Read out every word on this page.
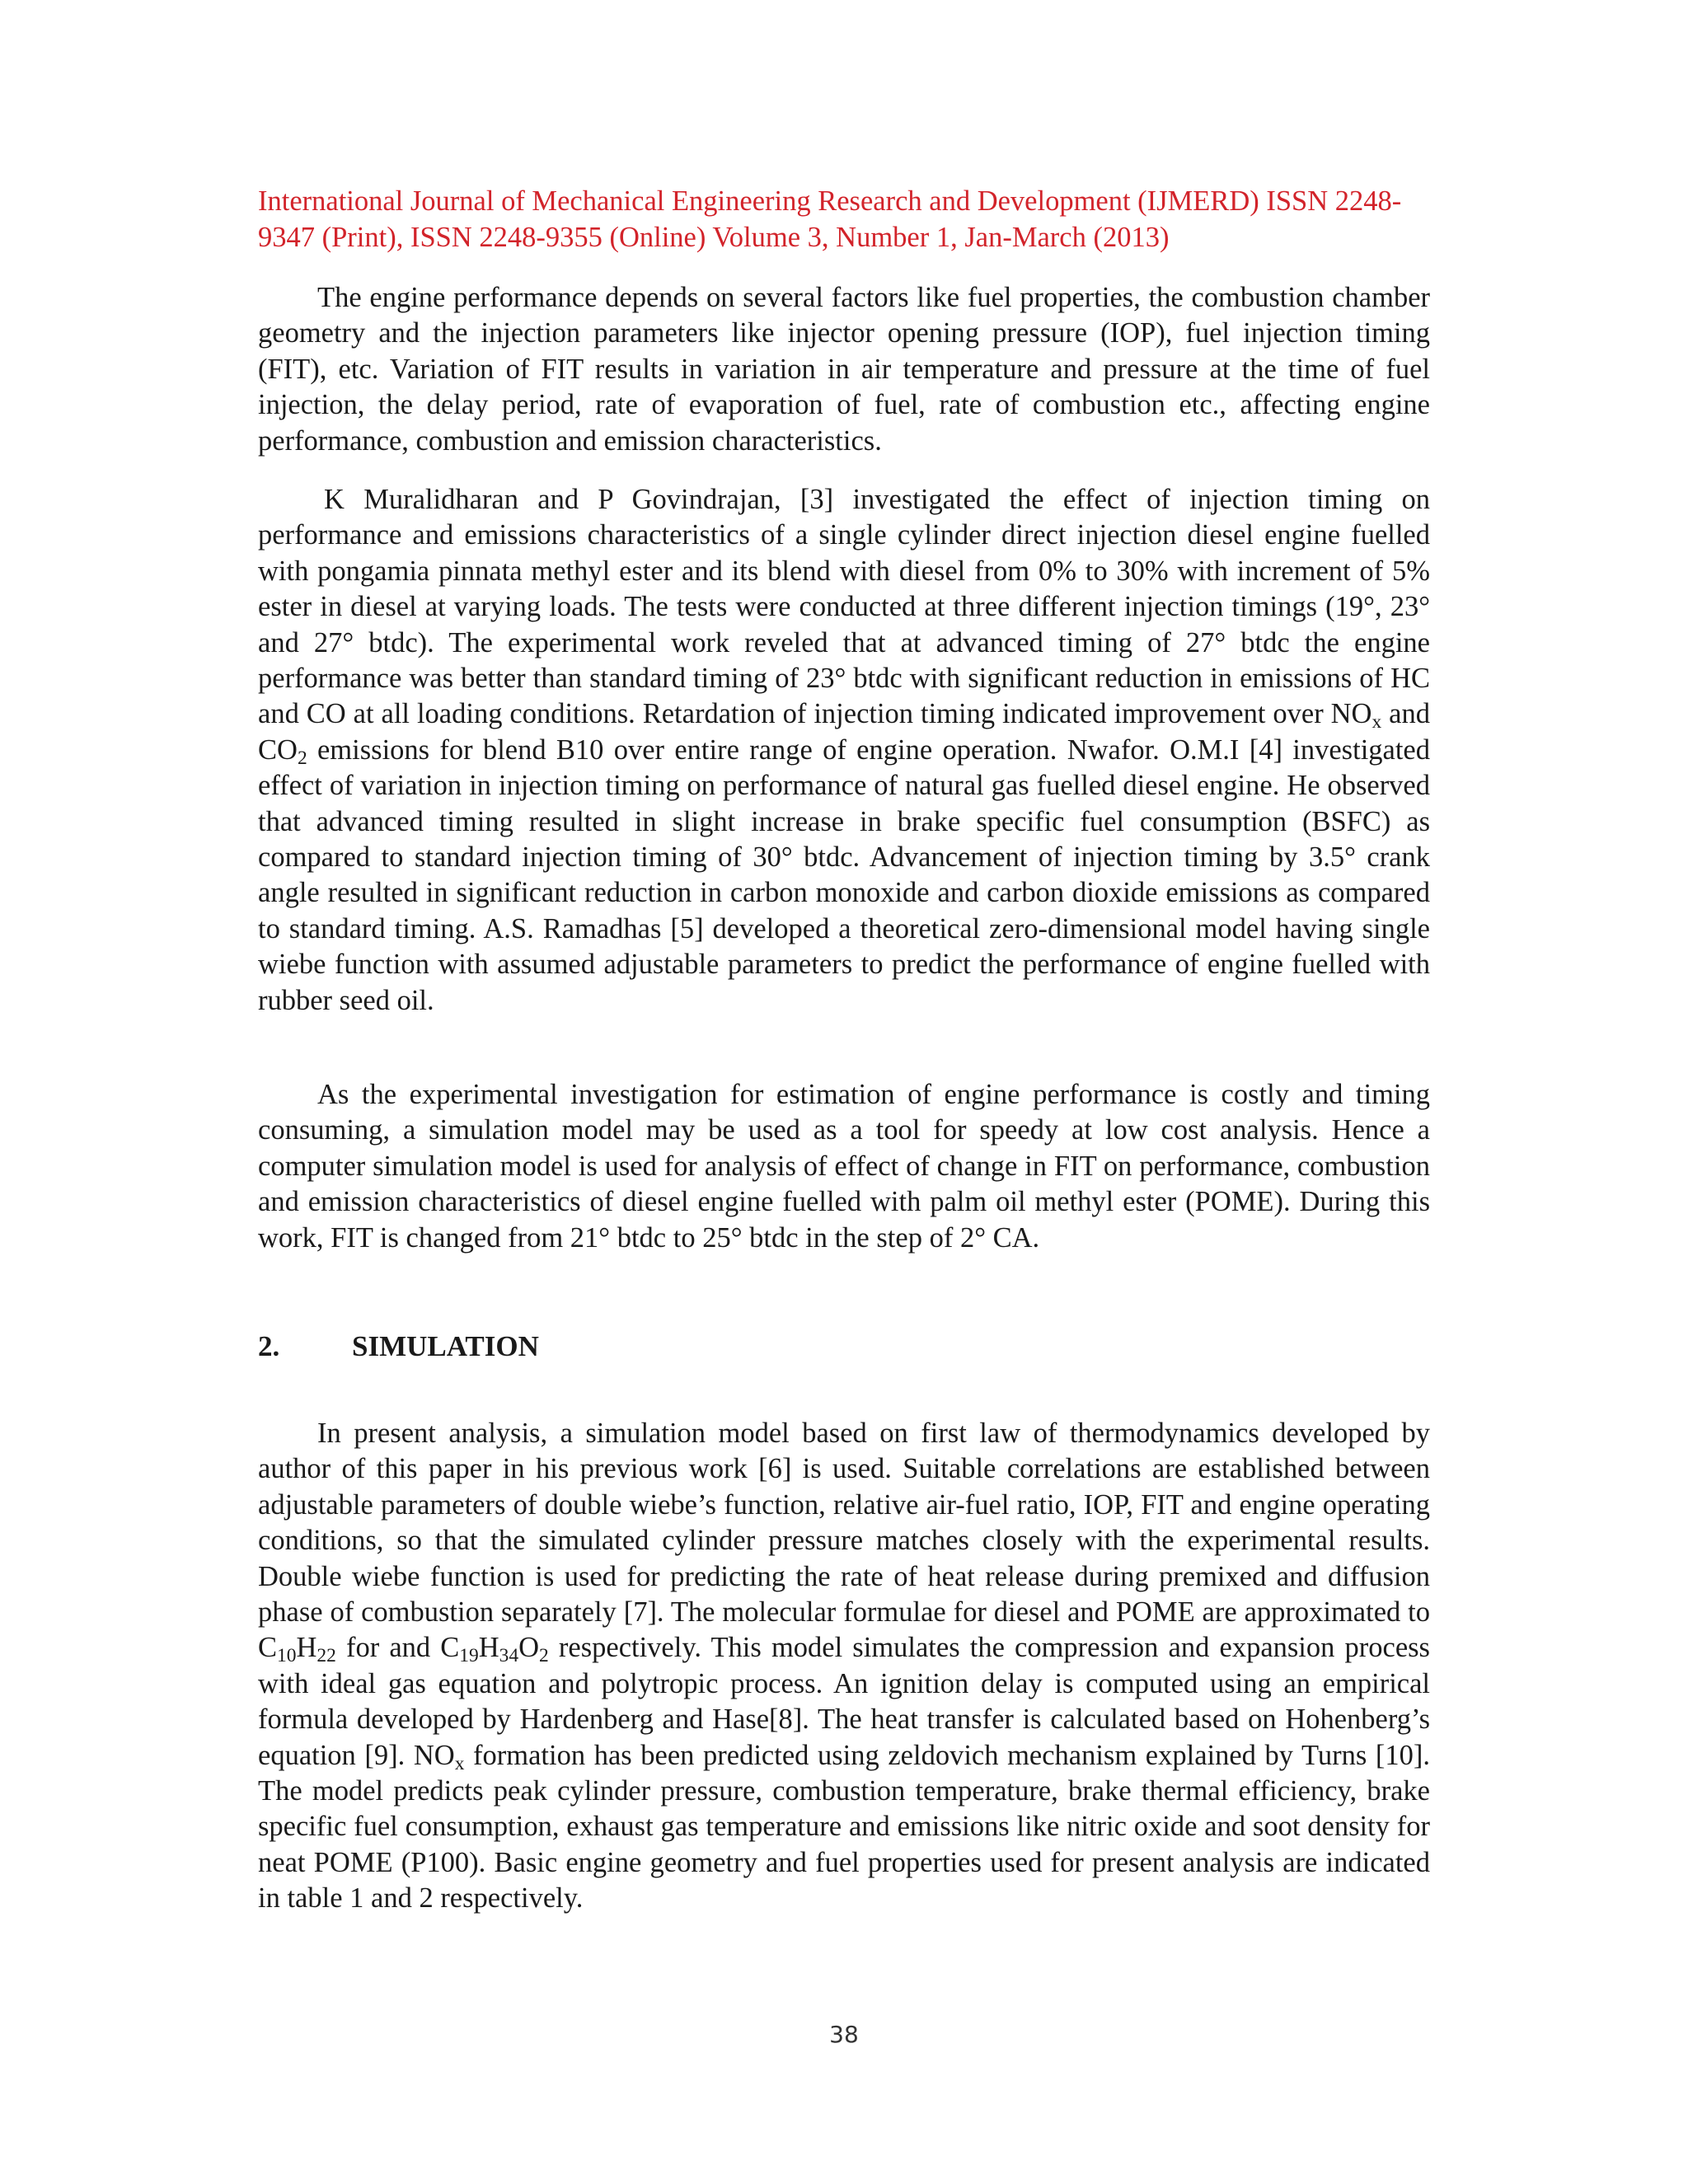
International Journal of Mechanical Engineering Research and Development (IJMERD) ISSN 2248-
9347 (Print), ISSN 2248-9355 (Online) Volume 3, Number 1, Jan-March (2013)

The engine performance depends on several factors like fuel properties, the combustion chamber geometry and the injection parameters like injector opening pressure (IOP), fuel injection timing (FIT), etc. Variation of FIT results in variation in air temperature and pressure at the time of fuel injection, the delay period, rate of evaporation of fuel, rate of combustion etc., affecting engine performance, combustion and emission characteristics.

K Muralidharan and P Govindrajan, [3] investigated the effect of injection timing on performance and emissions characteristics of a single cylinder direct injection diesel engine fuelled with pongamia pinnata methyl ester and its blend with diesel from 0% to 30% with increment of 5% ester in diesel at varying loads. The tests were conducted at three different injection timings (19°, 23° and 27° btdc). The experimental work reveled that at advanced timing of 27° btdc the engine performance was better than standard timing of 23° btdc with significant reduction in emissions of HC and CO at all loading conditions. Retardation of injection timing indicated improvement over $NO_x$ and $CO_2$ emissions for blend B10 over entire range of engine operation. Nwafor. O.M.I [4] investigated effect of variation in injection timing on performance of natural gas fuelled diesel engine. He observed that advanced timing resulted in slight increase in brake specific fuel consumption (BSFC) as compared to standard injection timing of 30° btdc. Advancement of injection timing by 3.5° crank angle resulted in significant reduction in carbon monoxide and carbon dioxide emissions as compared to standard timing. A.S. Ramadhas [5] developed a theoretical zero-dimensional model having single wiebe function with assumed adjustable parameters to predict the performance of engine fuelled with rubber seed oil.

As the experimental investigation for estimation of engine performance is costly and timing consuming, a simulation model may be used as a tool for speedy at low cost analysis. Hence a computer simulation model is used for analysis of effect of change in FIT on performance, combustion and emission characteristics of diesel engine fuelled with palm oil methyl ester (POME). During this work, FIT is changed from 21° btdc to 25° btdc in the step of 2° CA.

2.	SIMULATION

In present analysis, a simulation model based on first law of thermodynamics developed by author of this paper in his previous work [6] is used. Suitable correlations are established between adjustable parameters of double wiebe’s function, relative air-fuel ratio, IOP, FIT and engine operating conditions, so that the simulated cylinder pressure matches closely with the experimental results. Double wiebe function is used for predicting the rate of heat release during premixed and diffusion phase of combustion separately [7]. The molecular formulae for diesel and POME are approximated to $C_{10}H_{22}$ for and $C_{19}H_{34}O_2$ respectively. This model simulates the compression and expansion process with ideal gas equation and polytropic process. An ignition delay is computed using an empirical formula developed by Hardenberg and Hase[8]. The heat transfer is calculated based on Hohenberg’s equation [9]. $NO_x$ formation has been predicted using zeldovich mechanism explained by Turns [10]. The model predicts peak cylinder pressure, combustion temperature, brake thermal efficiency, brake specific fuel consumption, exhaust gas temperature and emissions like nitric oxide and soot density for neat POME (P100). Basic engine geometry and fuel properties used for present analysis are indicated in table 1 and 2 respectively.

38
